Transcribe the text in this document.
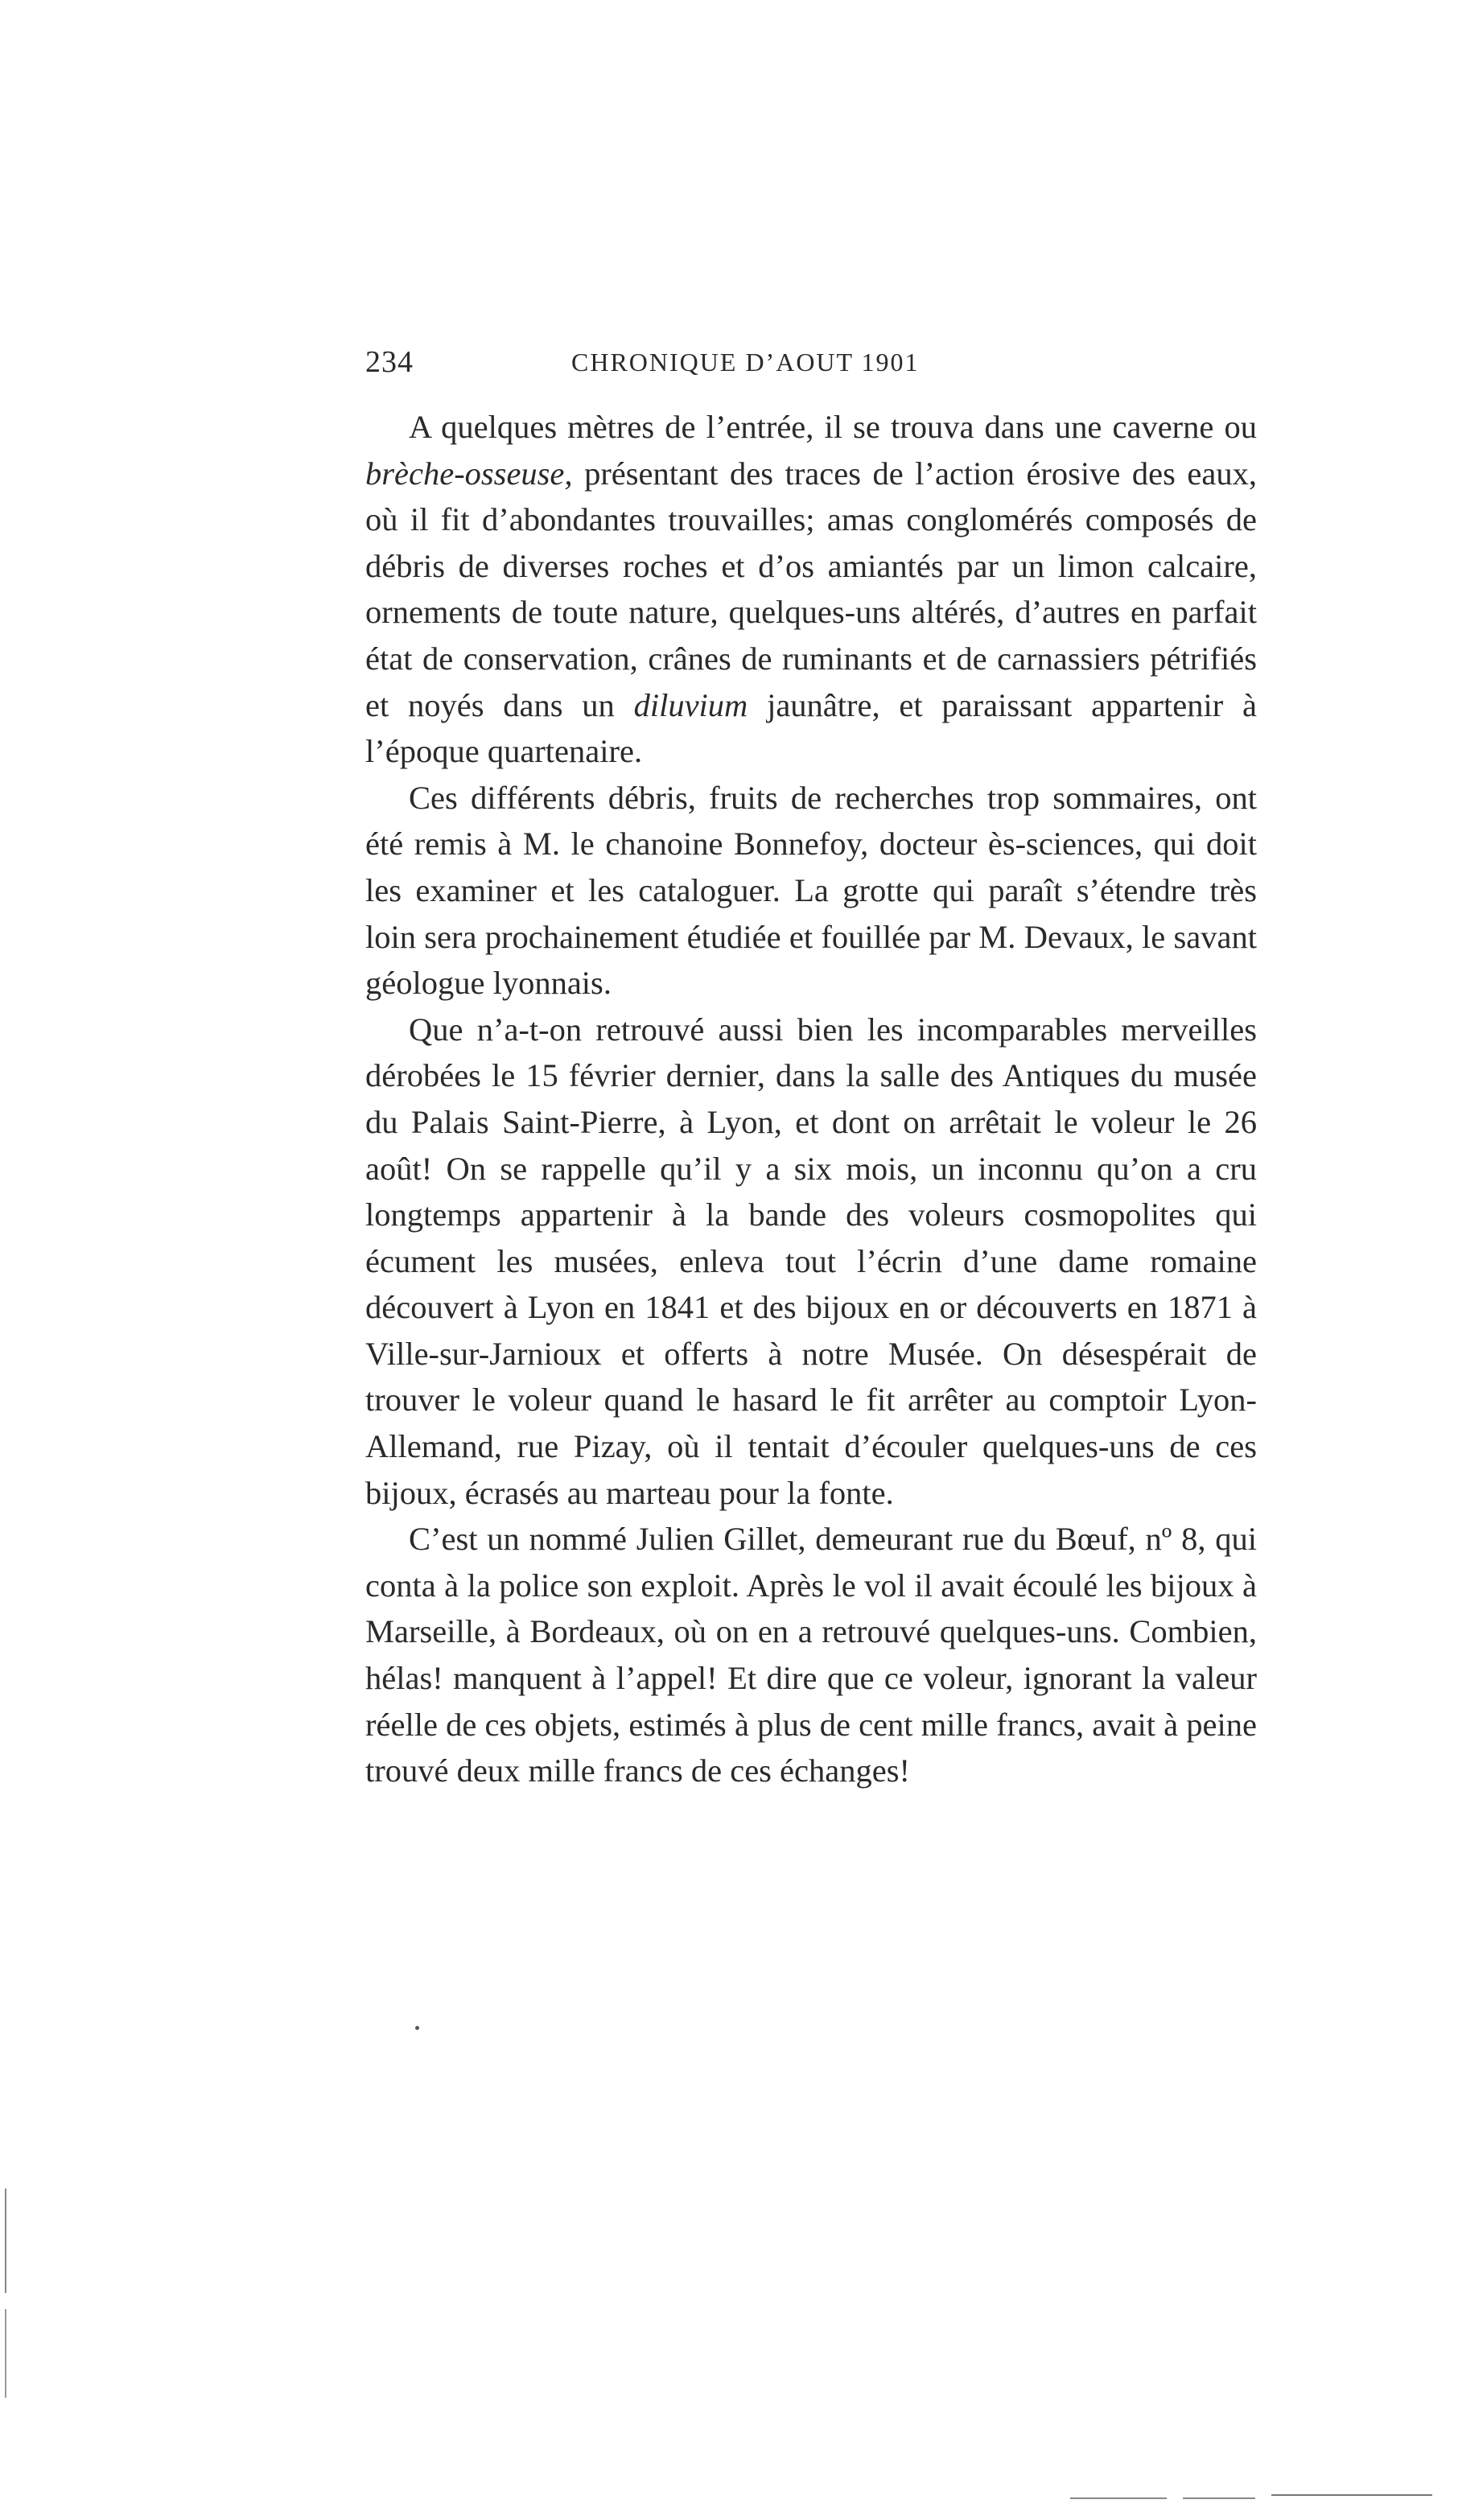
234	CHRONIQUE D’AOUT 1901

A quelques mètres de l’entrée, il se trouva dans une caverne ou brèche-osseuse, présentant des traces de l’action érosive des eaux, où il fit d’abondantes trouvailles; amas conglomérés composés de débris de diverses roches et d’os amiantés par un limon calcaire, ornements de toute nature, quelques-uns altérés, d’autres en parfait état de conservation, crânes de ruminants et de carnassiers pétrifiés et noyés dans un diluvium jaunâtre, et paraissant appartenir à l’époque quartenaire.

Ces différents débris, fruits de recherches trop sommaires, ont été remis à M. le chanoine Bonnefoy, docteur ès-sciences, qui doit les examiner et les cataloguer. La grotte qui paraît s’étendre très loin sera prochainement étudiée et fouillée par M. Devaux, le savant géologue lyonnais.

Que n’a-t-on retrouvé aussi bien les incomparables merveilles dérobées le 15 février dernier, dans la salle des Antiques du musée du Palais Saint-Pierre, à Lyon, et dont on arrêtait le voleur le 26 août! On se rappelle qu’il y a six mois, un inconnu qu’on a cru longtemps appartenir à la bande des voleurs cosmopolites qui écument les musées, enleva tout l’écrin d’une dame romaine découvert à Lyon en 1841 et des bijoux en or découverts en 1871 à Ville-sur-Jarnioux et offerts à notre Musée. On désespérait de trouver le voleur quand le hasard le fit arrêter au comptoir Lyon-Allemand, rue Pizay, où il tentait d’écouler quelques-uns de ces bijoux, écrasés au marteau pour la fonte.

C’est un nommé Julien Gillet, demeurant rue du Bœuf, nº 8, qui conta à la police son exploit. Après le vol il avait écoulé les bijoux à Marseille, à Bordeaux, où on en a retrouvé quelques-uns. Combien, hélas! manquent à l’appel! Et dire que ce voleur, ignorant la valeur réelle de ces objets, estimés à plus de cent mille francs, avait à peine trouvé deux mille francs de ces échanges!
